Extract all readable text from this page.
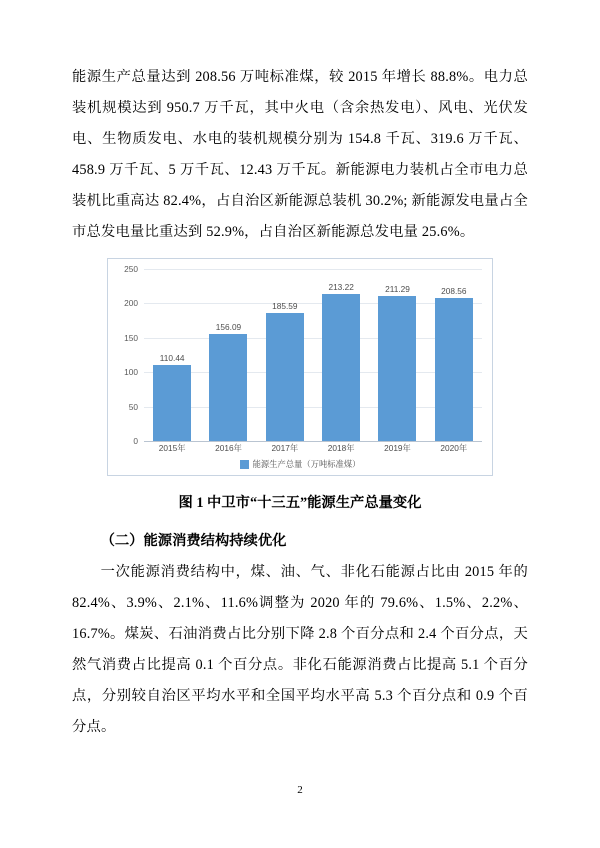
能源生产总量达到 208.56 万吨标准煤，较 2015 年增长 88.8%。电力总装机规模达到 950.7 万千瓦，其中火电（含余热发电）、风电、光伏发电、生物质发电、水电的装机规模分别为 154.8 千瓦、319.6 万千瓦、458.9 万千瓦、5 万千瓦、12.43 万千瓦。新能源电力装机占全市电力总装机比重高达 82.4%，占自治区新能源总装机 30.2%; 新能源发电量占全市总发电量比重达到 52.9%，占自治区新能源总发电量 25.6%。

250
200
150
100
50
0
110.44
156.09
185.59
213.22	211.29	208.56
2015年	2016年	2017年	2018年	2019年	2020年
能源生产总量（万吨标准煤）
图 1 中卫市“十三五”能源生产总量变化
（二）能源消费结构持续优化

一次能源消费结构中，煤、油、气、非化石能源占比由 2015 年的 82.4%、3.9%、2.1%、11.6%调整为 2020 年的 79.6%、1.5%、2.2%、16.7%。煤炭、石油消费占比分别下降 2.8 个百分点和 2.4 个百分点，天然气消费占比提高 0.1 个百分点。非化石能源消费占比提高 5.1 个百分点，分别较自治区平均水平和全国平均水平高 5.3 个百分点和 0.9 个百分点。

2
